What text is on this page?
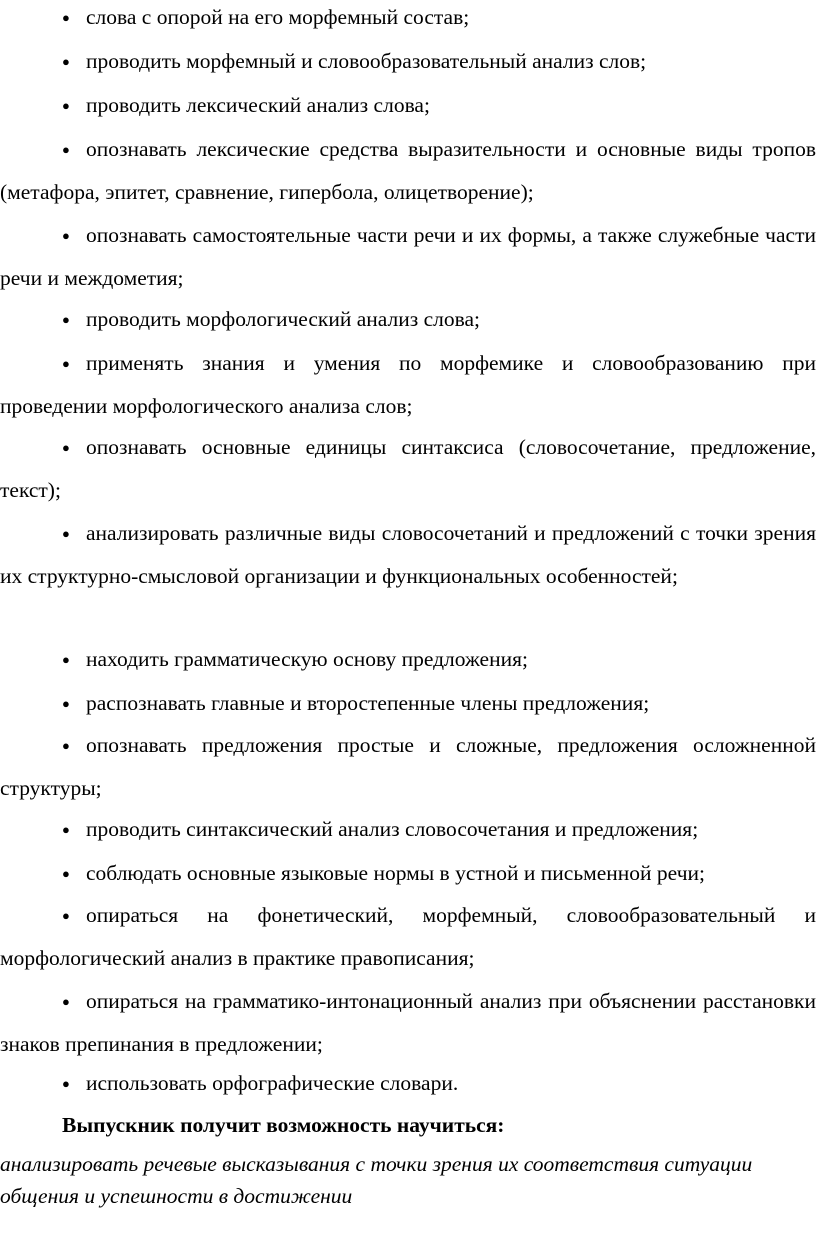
● слова с опорой на его морфемный состав;

● проводить морфемный и словообразовательный анализ слов;

● проводить лексический анализ слова;

● опознавать лексические средства выразительности и основные виды тропов (метафора, эпитет, сравнение, гипербола, олицетворение);

● опознавать самостоятельные части речи и их формы, а также служебные части речи и междометия;

● проводить морфологический анализ слова;

● применять знания и умения по морфемике и словообразованию при проведении морфологического анализа слов;

● опознавать основные единицы синтаксиса (словосочетание, предложение, текст);

● анализировать различные виды словосочетаний и предложений с точки зрения их структурно-смысловой организации и функциональных особенностей;

● находить грамматическую основу предложения;

● распознавать главные и второстепенные члены предложения;

● опознавать предложения простые и сложные, предложения осложненной структуры;

● проводить синтаксический анализ словосочетания и предложения;

● соблюдать основные языковые нормы в устной и письменной речи;

● опираться на фонетический, морфемный, словообразовательный и морфологический анализ в практике правописания;

● опираться на грамматико-интонационный анализ при объяснении расстановки знаков препинания в предложении;

● использовать орфографические словари.

Выпускник получит возможность научиться:

анализировать речевые высказывания с точки зрения их соответствия ситуации общения и успешности в достижении
